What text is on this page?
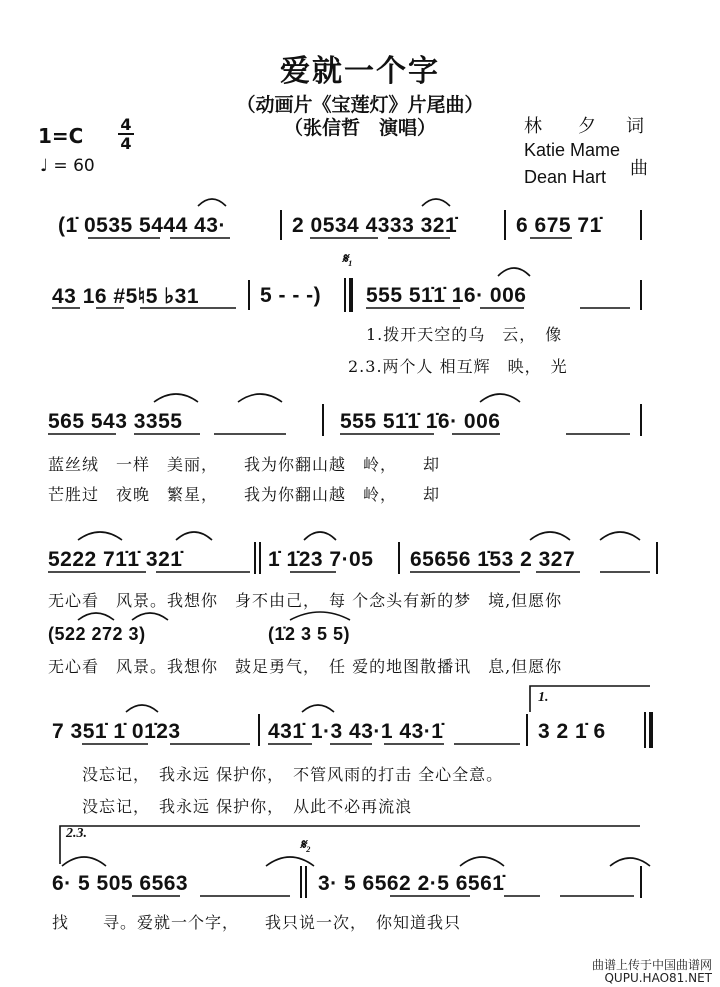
爱就一个字
（动画片《宝莲灯》片尾曲）
（张信哲　演唱）
1=C 4
4
♩ = 60
林　　夕 词
Katie Mame
Dean Hart 曲
(1̇ 0535 5444 43·	2 0534 4333 321̇	6 675 71̇
43 16 #5♮5 ♭31	5 - - -)
𝄋₁
555 51̇1̇ 16· 006
1.拨开天空的乌　云，　像
2.3.两个人 相互辉　映，　光
565 543 3355	555 51̇1̇ 1̇6· 006
蓝丝绒　一样　美丽，　　我为你翻山越　岭，　　却
芒胜过　夜晚　繁星，　　我为你翻山越　岭，　　却
5222 71̇1̇ 321̇	1̇ 1̇23 7·05 65656 1̇53 2 327
无心看　风景。我想你　身不由己，　每 个念头有新的梦　境,但愿你
(522 272 3)	(1̇2 3 5 5)
无心看　风景。我想你　鼓足勇气，　任 爱的地图散播讯　息,但愿你
1.
7 351̇ 1̇ 01̇23	431̇ 1·3 43·1 43·1̇	3 2 1̇ 6
没忘记，　我永远 保护你，　不管风雨的打击 全心全意。
没忘记，　我永远 保护你，　从此不必再流浪
2.3.
𝄋₂
6· 5 505 6563	3· 5 6562 2·5 6561̇
找　　寻。爱就一个字，　　我只说一次，　你知道我只
曲谱上传于中国曲谱网
QUPU.HAO81.NET
